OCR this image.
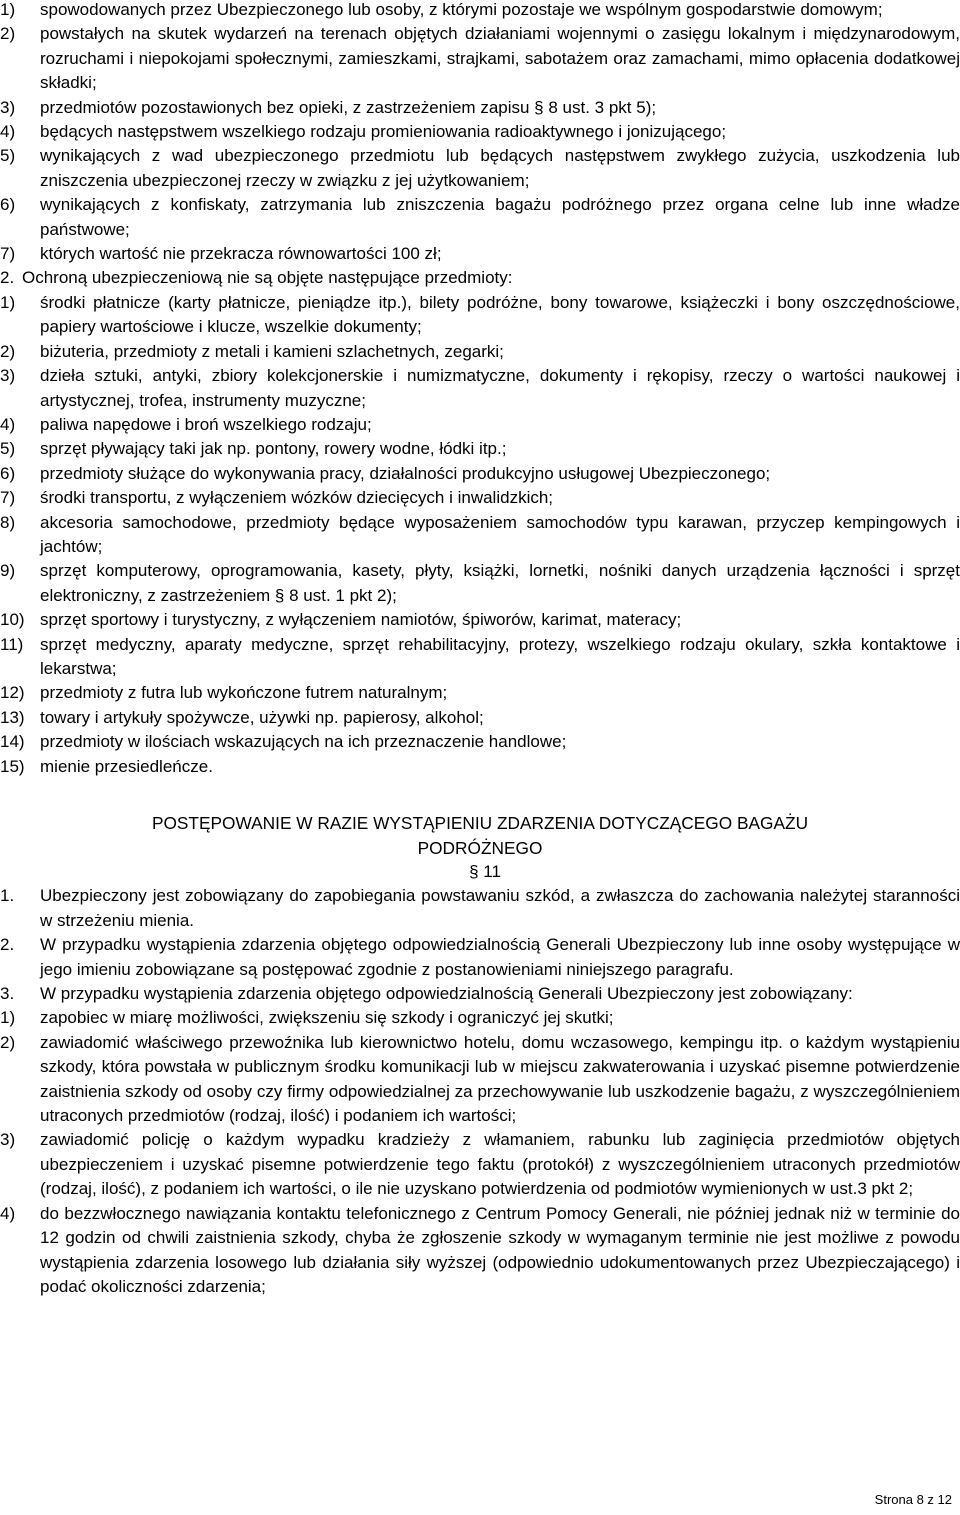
1)	spowodowanych przez Ubezpieczonego lub osoby, z którymi pozostaje we wspólnym gospodarstwie domowym;
2)	powstałych na skutek wydarzeń na terenach objętych działaniami wojennymi o zasięgu lokalnym i międzynarodowym, rozruchami i niepokojami społecznymi, zamieszkami, strajkami, sabotażem oraz zamachami, mimo opłacenia dodatkowej składki;
3)	przedmiotów pozostawionych bez opieki, z zastrzeżeniem zapisu § 8 ust. 3 pkt 5);
4)	będących następstwem wszelkiego rodzaju promieniowania radioaktywnego i jonizującego;
5)	wynikających z wad ubezpieczonego przedmiotu lub będących następstwem zwykłego zużycia, uszkodzenia lub zniszczenia ubezpieczonej rzeczy w związku z jej użytkowaniem;
6)	wynikających z konfiskaty, zatrzymania lub zniszczenia bagażu podróżnego przez organa celne lub inne władze państwowe;
7)	których wartość nie przekracza równowartości 100 zł;
2. Ochroną ubezpieczeniową nie są objęte następujące przedmioty:
1)	środki płatnicze (karty płatnicze, pieniądze itp.), bilety podróżne, bony towarowe, książeczki i bony oszczędnościowe, papiery wartościowe i klucze, wszelkie dokumenty;
2)	biżuteria, przedmioty z metali i kamieni szlachetnych, zegarki;
3)	dzieła sztuki, antyki, zbiory kolekcjonerskie i numizmatyczne, dokumenty i rękopisy, rzeczy o wartości naukowej i artystycznej, trofea, instrumenty muzyczne;
4)	paliwa napędowe i broń wszelkiego rodzaju;
5)	sprzęt pływający taki jak np. pontony, rowery wodne, łódki itp.;
6)	przedmioty służące do wykonywania pracy, działalności produkcyjno usługowej Ubezpieczonego;
7)	środki transportu, z wyłączeniem wózków dziecięcych i inwalidzkich;
8)	akcesoria samochodowe, przedmioty będące wyposażeniem samochodów typu karawan, przyczep kempingowych i jachtów;
9)	sprzęt komputerowy, oprogramowania, kasety, płyty, książki, lornetki, nośniki danych urządzenia łączności i sprzęt elektroniczny, z zastrzeżeniem § 8 ust. 1 pkt 2);
10) sprzęt sportowy i turystyczny, z wyłączeniem namiotów, śpiworów, karimat, materacy;
11) sprzęt medyczny, aparaty medyczne, sprzęt rehabilitacyjny, protezy, wszelkiego rodzaju okulary, szkła kontaktowe i lekarstwa;
12) przedmioty z futra lub wykończone futrem naturalnym;
13) towary i artykuły spożywcze, używki np. papierosy, alkohol;
14) przedmioty w ilościach wskazujących na ich przeznaczenie handlowe;
15) mienie przesiedleńcze.
POSTĘPOWANIE W RAZIE WYSTĄPIENIU ZDARZENIA DOTYCZĄCEGO BAGAŻU PODRÓŻNEGO
§ 11
1.	Ubezpieczony jest zobowiązany do zapobiegania powstawaniu szkód, a zwłaszcza do zachowania należytej staranności w strzeżeniu mienia.
2.	W przypadku wystąpienia zdarzenia objętego odpowiedzialnością Generali Ubezpieczony lub inne osoby występujące w jego imieniu zobowiązane są postępować zgodnie z postanowieniami niniejszego paragrafu.
3.	W przypadku wystąpienia zdarzenia objętego odpowiedzialnością Generali Ubezpieczony jest zobowiązany:
1)	zapobiec w miarę możliwości, zwiększeniu się szkody i ograniczyć jej skutki;
2)	zawiadomić właściwego przewoźnika lub kierownictwo hotelu, domu wczasowego, kempingu itp. o każdym wystąpieniu szkody, która powstała w publicznym środku komunikacji lub w miejscu zakwaterowania i uzyskać pisemne potwierdzenie zaistnienia szkody od osoby czy firmy odpowiedzialnej za przechowywanie lub uszkodzenie bagażu, z wyszczególnieniem utraconych przedmiotów (rodzaj, ilość) i podaniem ich wartości;
3)	zawiadomić policję o każdym wypadku kradzieży z włamaniem, rabunku lub zaginięcia przedmiotów objętych ubezpieczeniem i uzyskać pisemne potwierdzenie tego faktu (protokół) z wyszczególnieniem utraconych przedmiotów (rodzaj, ilość), z podaniem ich wartości, o ile nie uzyskano potwierdzenia od podmiotów wymienionych w ust.3 pkt 2;
4)	do bezzwłocznego nawiązania kontaktu telefonicznego z Centrum Pomocy Generali, nie później jednak niż w terminie do 12 godzin od chwili zaistnienia szkody, chyba że zgłoszenie szkody w wymaganym terminie nie jest możliwe z powodu wystąpienia zdarzenia losowego lub działania siły wyższej (odpowiednio udokumentowanych przez Ubezpieczającego) i podać okoliczności zdarzenia;
Strona 8 z 12
